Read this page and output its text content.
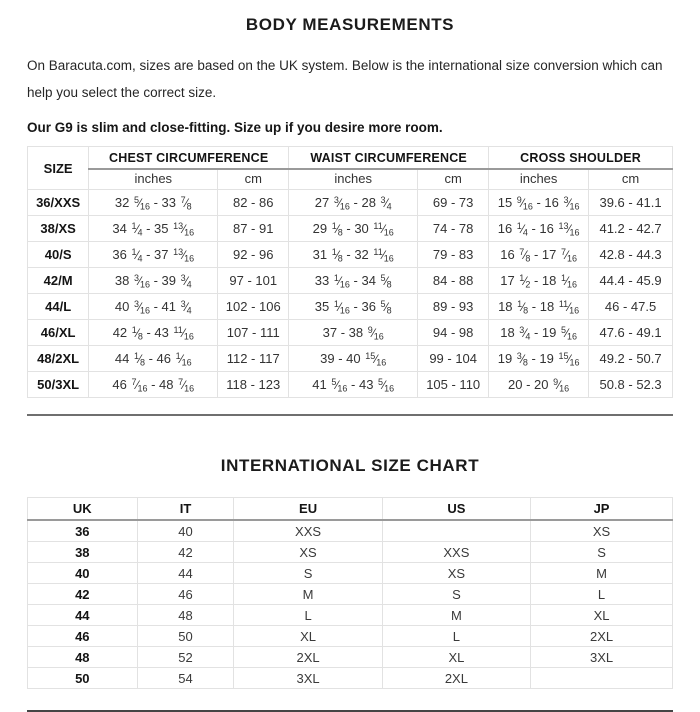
BODY MEASUREMENTS

On Baracuta.com, sizes are based on the UK system. Below is the international size conversion which can help you select the correct size.

Our G9 is slim and close-fitting. Size up if you desire more room.

SIZE	CHEST CIRCUMFERENCE		WAIST CIRCUMFERENCE		CROSS SHOULDER	
	inches	cm	inches	cm	inches	cm
36/XXS	32 $^5⁄_{16} - 33$ $^7⁄_8$	82 - 86	27 $^3⁄_{16} - 28$ $^3⁄_4$	69 - 73	15 $^9⁄_{16} - 16$ $^3⁄_{16}$	39.6 - 41.1
38/XS	34 $^1⁄_4 - 35$ $^{13}⁄_{16}$	87 - 91	29 $^1⁄_8 - 30$ $^{11}⁄_{16}$	74 - 78	16 $^1⁄_4 - 16$ $^{13}⁄_{16}$	41.2 - 42.7
40/S	36 $^1⁄_4 - 37$ $^{13}⁄_{16}$	92 - 96	31 $^1⁄_8 - 32$ $^{11}⁄_{16}$	79 - 83	16 $^7⁄_8 - 17$ $^7⁄_{16}$	42.8 - 44.3
42/M	38 $^3⁄_{16} - 39$ $^3⁄_4$	97 - 101	33 $^1⁄_{16} - 34$ $^5⁄_8$	84 - 88	17 $^1⁄_2 - 18$ $^1⁄_{16}$	44.4 - 45.9
44/L	40 $^3⁄_{16} - 41$ $^3⁄_4$	102 - 106	35 $^1⁄_{16} - 36$ $^5⁄_8$	89 - 93	18 $^1⁄_8 - 18$ $^{11}⁄_{16}$	46 - 47.5
46/XL	42 $^1⁄_8 - 43$ $^{11}⁄_{16}$	107 - 111	37 - 38 $^9⁄_{16}$	94 - 98	18 $^3⁄_4 - 19$ $^5⁄_{16}$	47.6 - 49.1
48/2XL	44 $^1⁄_8 - 46$ $^1⁄_{16}$	112 - 117	39 - 40 $^{15}⁄_{16}$	99 - 104	19 $^3⁄_8 - 19$ $^{15}⁄_{16}$	49.2 - 50.7
50/3XL	46 $^7⁄_{16} - 48$ $^7⁄_{16}$	118 - 123	41 $^5⁄_{16} - 43$ $^5⁄_{16}$	105 - 110	20 - 20 $^9⁄_{16}$	50.8 - 52.3
INTERNATIONAL SIZE CHART
UK	IT	EU	US	JP
36	40	XXS		XS
38	42	XS	XXS	S
40	44	S	XS	M
42	46	M	S	L
44	48	L	M	XL
46	50	XL	L	2XL
48	52	2XL	XL	3XL
50	54	3XL	2XL	
